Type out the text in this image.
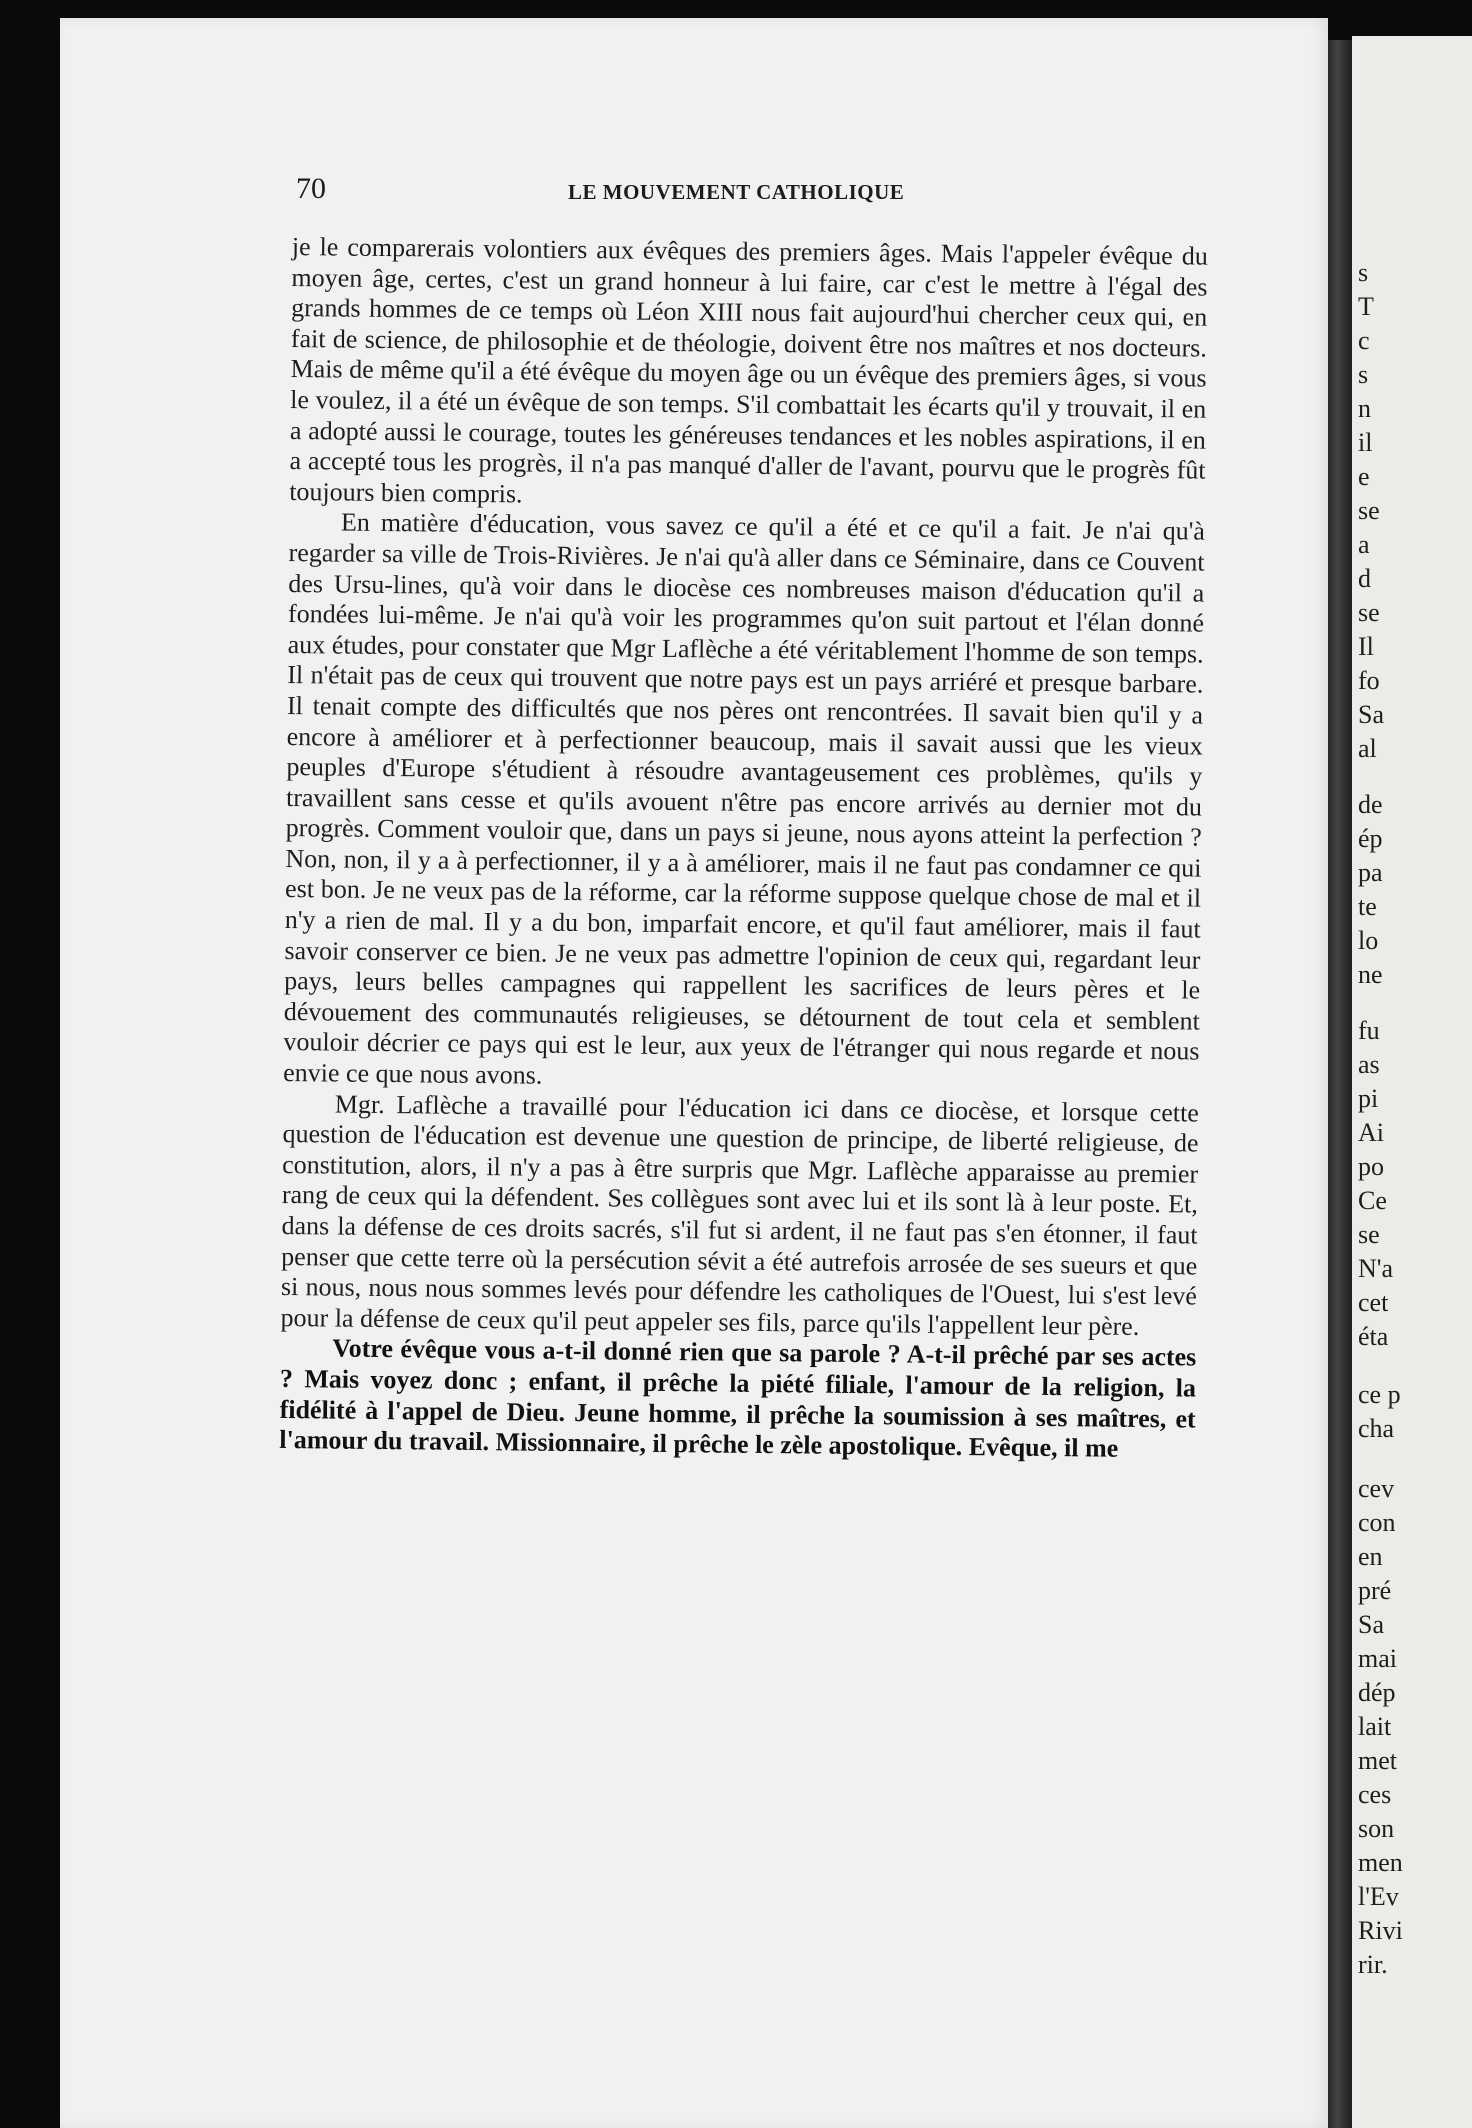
70	LE MOUVEMENT CATHOLIQUE

je le comparerais volontiers aux évêques des premiers âges. Mais l'appeler évêque du moyen âge, certes, c'est un grand honneur à lui faire, car c'est le mettre à l'égal des grands hommes de ce temps où Léon XIII nous fait aujourd'hui chercher ceux qui, en fait de science, de philosophie et de théologie, doivent être nos maîtres et nos docteurs. Mais de même qu'il a été évêque du moyen âge ou un évêque des premiers âges, si vous le voulez, il a été un évêque de son temps. S'il combattait les écarts qu'il y trouvait, il en a adopté aussi le courage, toutes les généreuses tendances et les nobles aspirations, il en a accepté tous les progrès, il n'a pas manqué d'aller de l'avant, pourvu que le progrès fût toujours bien compris.

En matière d'éducation, vous savez ce qu'il a été et ce qu'il a fait. Je n'ai qu'à regarder sa ville de Trois-Rivières. Je n'ai qu'à aller dans ce Séminaire, dans ce Couvent des Ursu-lines, qu'à voir dans le diocèse ces nombreuses maison d'éducation qu'il a fondées lui-même. Je n'ai qu'à voir les programmes qu'on suit partout et l'élan donné aux études, pour constater que Mgr Laflèche a été véritablement l'homme de son temps. Il n'était pas de ceux qui trouvent que notre pays est un pays arriéré et presque barbare. Il tenait compte des difficultés que nos pères ont rencontrées. Il savait bien qu'il y a encore à améliorer et à perfectionner beaucoup, mais il savait aussi que les vieux peuples d'Europe s'étudient à résoudre avantageusement ces problèmes, qu'ils y travaillent sans cesse et qu'ils avouent n'être pas encore arrivés au dernier mot du progrès. Comment vouloir que, dans un pays si jeune, nous ayons atteint la perfection ? Non, non, il y a à perfectionner, il y a à améliorer, mais il ne faut pas condamner ce qui est bon. Je ne veux pas de la réforme, car la réforme suppose quelque chose de mal et il n'y a rien de mal. Il y a du bon, imparfait encore, et qu'il faut améliorer, mais il faut savoir conserver ce bien. Je ne veux pas admettre l'opinion de ceux qui, regardant leur pays, leurs belles campagnes qui rappellent les sacrifices de leurs pères et le dévouement des communautés religieuses, se détournent de tout cela et semblent vouloir décrier ce pays qui est le leur, aux yeux de l'étranger qui nous regarde et nous envie ce que nous avons.

Mgr. Laflèche a travaillé pour l'éducation ici dans ce diocèse, et lorsque cette question de l'éducation est devenue une question de principe, de liberté religieuse, de constitution, alors, il n'y a pas à être surpris que Mgr. Laflèche apparaisse au premier rang de ceux qui la défendent. Ses collègues sont avec lui et ils sont là à leur poste. Et, dans la défense de ces droits sacrés, s'il fut si ardent, il ne faut pas s'en étonner, il faut penser que cette terre où la persécution sévit a été autrefois arrosée de ses sueurs et que si nous, nous nous sommes levés pour défendre les catholiques de l'Ouest, lui s'est levé pour la défense de ceux qu'il peut appeler ses fils, parce qu'ils l'appellent leur père.

Votre évêque vous a-t-il donné rien que sa parole ? A-t-il prêché par ses actes ? Mais voyez donc ; enfant, il prêche la piété filiale, l'amour de la religion, la fidélité à l'appel de Dieu. Jeune homme, il prêche la soumission à ses maîtres, et l'amour du travail. Missionnaire, il prêche le zèle apostolique. Evêque, il me

s
T
c
s
n
il
e
se
a
d
se
Il
fo
Sa
al
de
ép
pa
te
lo
ne
fu
as
pi
Ai
po
Ce
se
N'a
cet
éta
ce p
cha
cev
con
en
pré
Sa
mai
dép
lait
met
ces
son
men
l'Ev
Rivi
rir.
